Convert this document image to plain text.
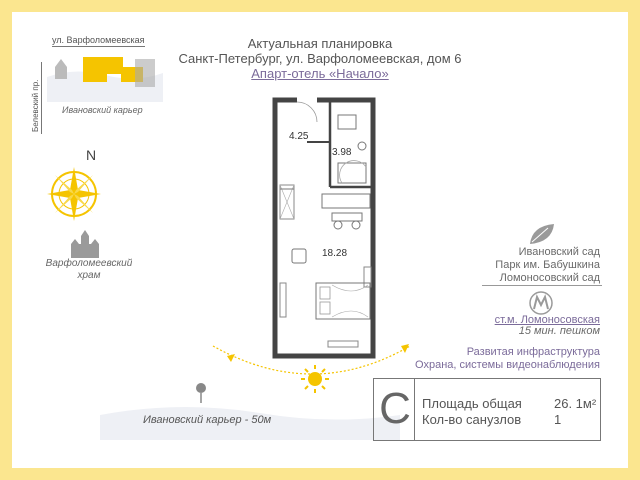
Актуальная планировка
Санкт-Петербург, ул. Варфоломеевская, дом 6
Апарт-отель «Начало»
ул. Варфоломеевская
Белевский пр. Ивановский карьер
N
Варфоломеевский
храм
4.25
3.98
18.28
Ивановский карьер - 50м
Ивановский сад
Парк им. Бабушкина
Ломоносовский сад
ст.м. Ломоносовская
15 мин. пешком
Развитая инфраструктура
Охрана, системы видеонаблюдения
С Площадь общая 26. 1м²
Кол-во санузлов	1
